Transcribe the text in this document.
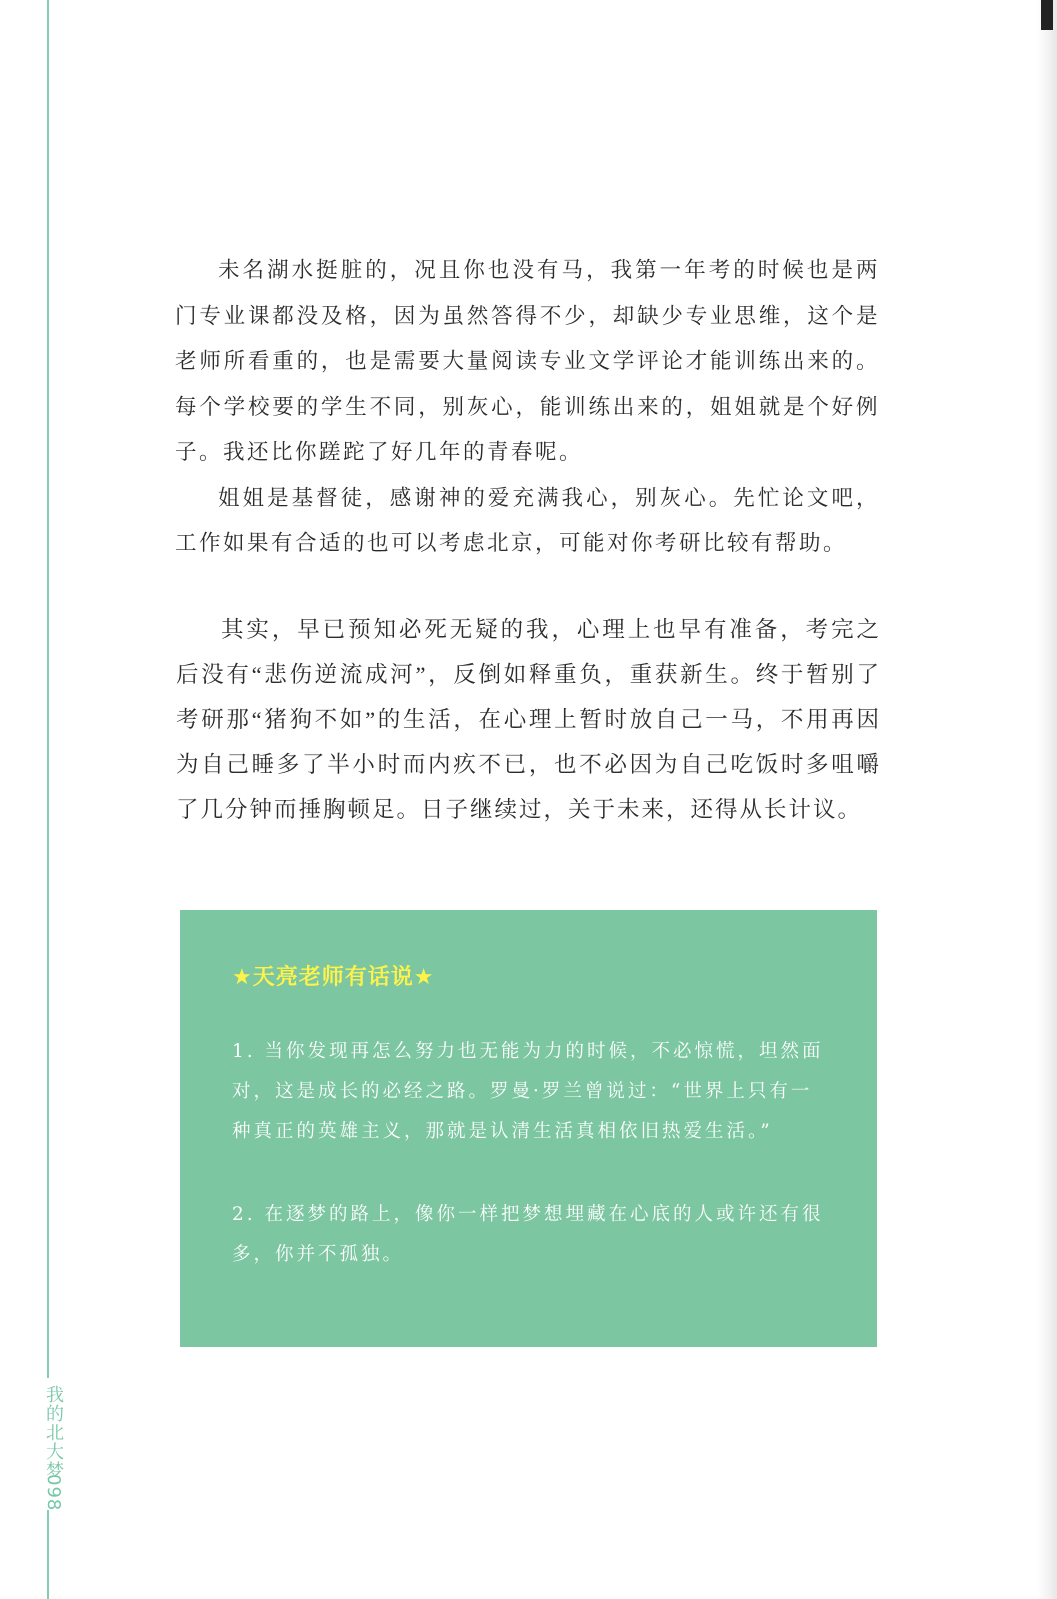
未名湖水挺脏的，况且你也没有马，我第一年考的时候也是两门专业课都没及格，因为虽然答得不少，却缺少专业思维，这个是老师所看重的，也是需要大量阅读专业文学评论才能训练出来的。每个学校要的学生不同，别灰心，能训练出来的，姐姐就是个好例子。我还比你蹉跎了好几年的青春呢。

姐姐是基督徒，感谢神的爱充满我心，别灰心。先忙论文吧，工作如果有合适的也可以考虑北京，可能对你考研比较有帮助。

其实，早已预知必死无疑的我，心理上也早有准备，考完之后没有“悲伤逆流成河”，反倒如释重负，重获新生。终于暂别了考研那“猪狗不如”的生活，在心理上暂时放自己一马，不用再因为自己睡多了半小时而内疚不已，也不必因为自己吃饭时多咀嚼了几分钟而捶胸顿足。日子继续过，关于未来，还得从长计议。

★天亮老师有话说★

1. 当你发现再怎么努力也无能为力的时候，不必惊慌，坦然面对，这是成长的必经之路。罗曼·罗兰曾说过：“世界上只有一种真正的英雄主义，那就是认清生活真相依旧热爱生活。”

2. 在逐梦的路上，像你一样把梦想埋藏在心底的人或许还有很多，你并不孤独。

我的北大梦
098
